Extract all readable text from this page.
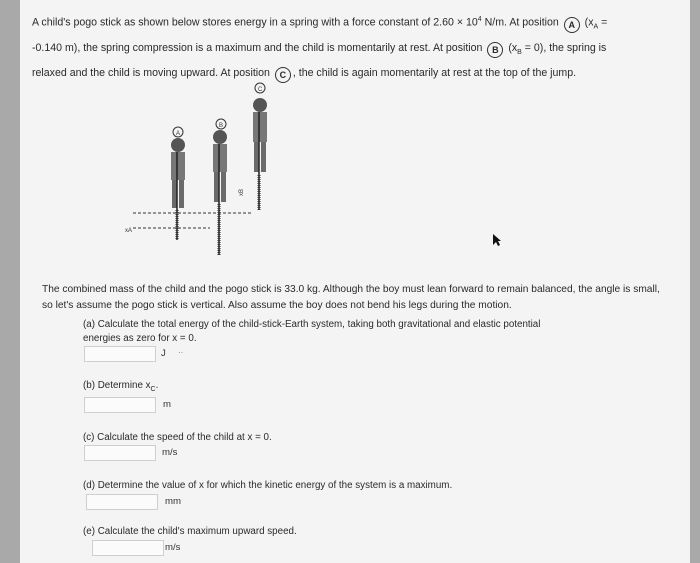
A child's pogo stick as shown below stores energy in a spring with a force constant of $2.60 \times 10^4$ N/m. At position A ($x_A$ =
-0.140 m), the spring compression is a maximum and the child is momentarily at rest. At position B $(x_B = 0)$, the spring is
relaxed and the child is moving upward. At position C , the child is again momentarily at rest at the top of the jump.
xA
xB
A
B
C
The combined mass of the child and the pogo stick is 33.0 kg. Although the boy must lean forward to remain balanced, the angle is small, so let's assume the pogo stick is vertical. Also assume the boy does not bend his legs during the motion.
(a) Calculate the total energy of the child-stick-Earth system, taking both gravitational and elastic potential
energies as zero for x = 0.
J ··
(b) Determine $x_C$.
m
(c) Calculate the speed of the child at x = 0.
m/s
(d) Determine the value of x for which the kinetic energy of the system is a maximum.
mm
(e) Calculate the child's maximum upward speed.
m/s
